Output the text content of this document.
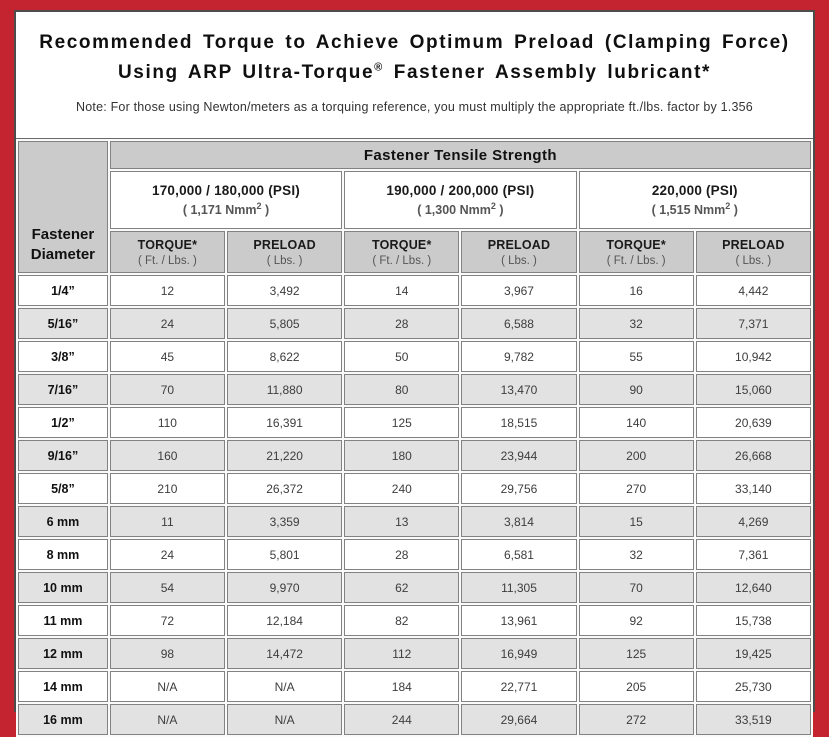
Recommended Torque to Achieve Optimum Preload (Clamping Force)
Using ARP Ultra-Torque® Fastener Assembly lubricant*

Note: For those using Newton/meters as a torquing reference, you must multiply the appropriate ft./lbs. factor by 1.356

Fastener Diameter	Fastener Tensile Strength					

170,000 / 180,000 (PSI)
( 1,171 Nmm$^2$ )

190,000 / 200,000 (PSI)
( 1,300 Nmm$^2$ )

220,000 (PSI)
( 1,515 Nmm$^2$ )

TORQUE*
( Ft. / Lbs. )

PRELOAD
( Lbs. )

TORQUE*
( Ft. / Lbs. )

PRELOAD
( Lbs. )

TORQUE*
( Ft. / Lbs. )

PRELOAD
( Lbs. )

1/4”	12	3,492	14	3,967	16	4,442
5/16”	24	5,805	28	6,588	32	7,371
3/8”	45	8,622	50	9,782	55	10,942
7/16”	70	11,880	80	13,470	90	15,060
1/2”	110	16,391	125	18,515	140	20,639
9/16”	160	21,220	180	23,944	200	26,668
5/8”	210	26,372	240	29,756	270	33,140
6 mm	11	3,359	13	3,814	15	4,269
8 mm	24	5,801	28	6,581	32	7,361
10 mm	54	9,970	62	11,305	70	12,640
11 mm	72	12,184	82	13,961	92	15,738
12 mm	98	14,472	112	16,949	125	19,425
14 mm	N/A	N/A	184	22,771	205	25,730
16 mm	N/A	N/A	244	29,664	272	33,519
